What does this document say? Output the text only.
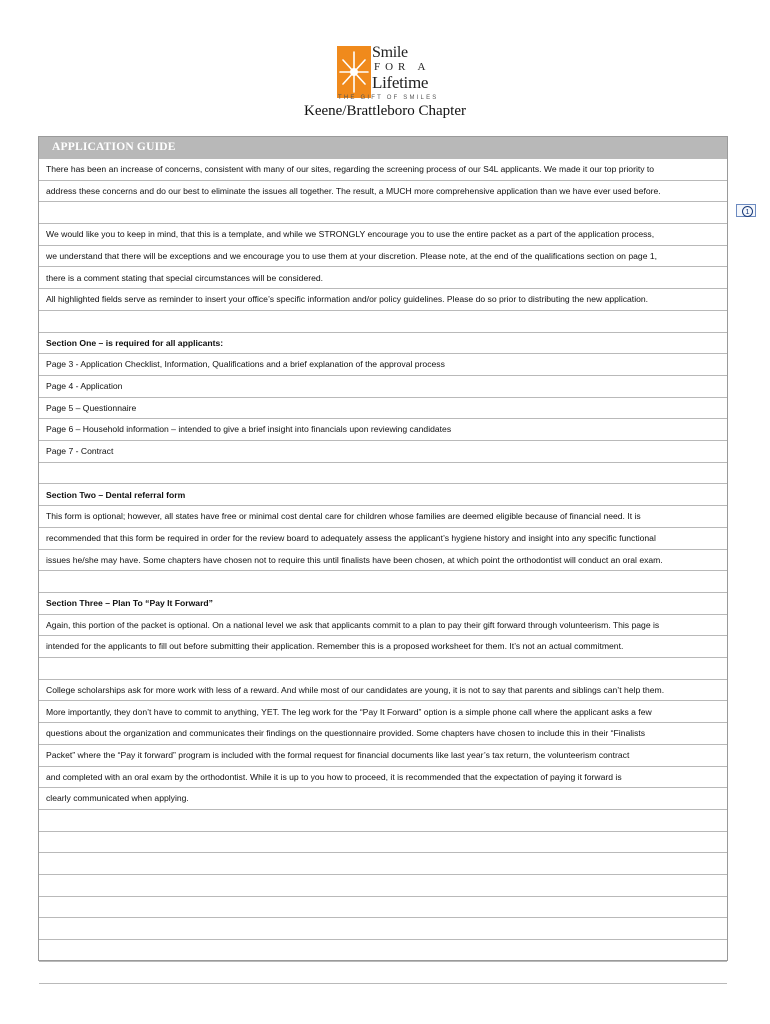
Smile
FOR A
Lifetime
THE GIFT OF SMILES
Keene/Brattleboro Chapter
1
APPLICATION GUIDE
There has been an increase of concerns, consistent with many of our sites, regarding the screening process of our S4L applicants. We made it our top priority to
address these concerns and do our best to eliminate the issues all together. The result, a MUCH more comprehensive application than we have ever used before.
We would like you to keep in mind, that this is a template, and while we STRONGLY encourage you to use the entire packet as a part of the application process,
we understand that there will be exceptions and we encourage you to use them at your discretion. Please note, at the end of the qualifications section on page 1,
there is a comment stating that special circumstances will be considered.
All highlighted fields serve as reminder to insert your office’s specific information and/or policy guidelines. Please do so prior to distributing the new application.
Section One – is required for all applicants:
Page 3 - Application Checklist, Information, Qualifications and a brief explanation of the approval process
Page 4 - Application
Page 5 – Questionnaire
Page 6 – Household information – intended to give a brief insight into financials upon reviewing candidates
Page 7 - Contract
Section Two – Dental referral form
This form is optional; however, all states have free or minimal cost dental care for children whose families are deemed eligible because of financial need. It is
recommended that this form be required in order for the review board to adequately assess the applicant’s hygiene history and insight into any specific functional
issues he/she may have. Some chapters have chosen not to require this until finalists have been chosen, at which point the orthodontist will conduct an oral exam.
Section Three – Plan To “Pay It Forward”
Again, this portion of the packet is optional. On a national level we ask that applicants commit to a plan to pay their gift forward through volunteerism. This page is
intended for the applicants to fill out before submitting their application. Remember this is a proposed worksheet for them. It’s not an actual commitment.
College scholarships ask for more work with less of a reward. And while most of our candidates are young, it is not to say that parents and siblings can’t help them.
More importantly, they don’t have to commit to anything, YET. The leg work for the “Pay It Forward” option is a simple phone call where the applicant asks a few
questions about the organization and communicates their findings on the questionnaire provided. Some chapters have chosen to include this in their “Finalists
Packet” where the “Pay it forward” program is included with the formal request for financial documents like last year’s tax return, the volunteerism contract
and completed with an oral exam by the orthodontist. While it is up to you how to proceed, it is recommended that the expectation of paying it forward is
clearly communicated when applying.
